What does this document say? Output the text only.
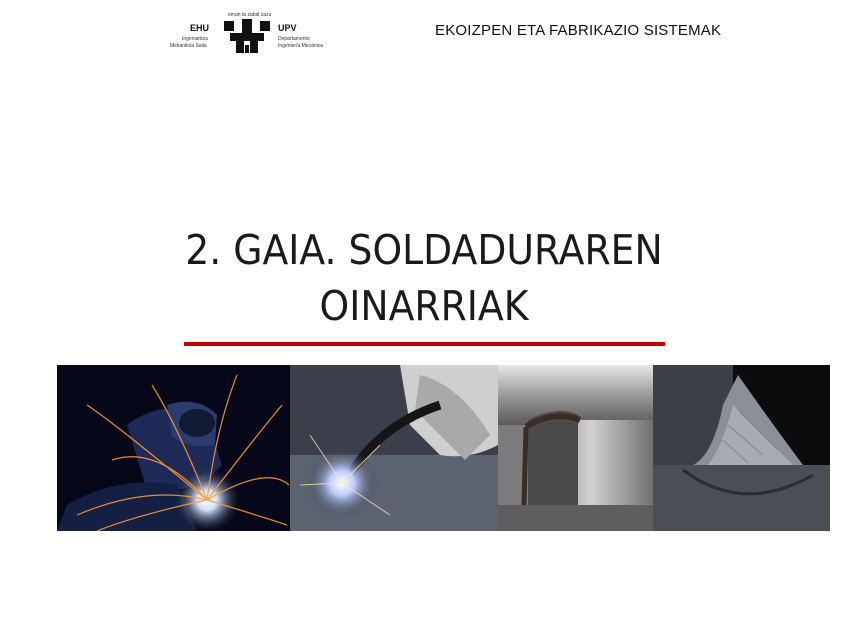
eman ta zabal zazu
EHU
Ingeniaritza
Mekanikoa Saila
UPV
Departamento
Ingeniería Mecánica
EKOIZPEN ETA FABRIKAZIO SISTEMAK
2. GAIA. SOLDADURAREN
OINARRIAK
